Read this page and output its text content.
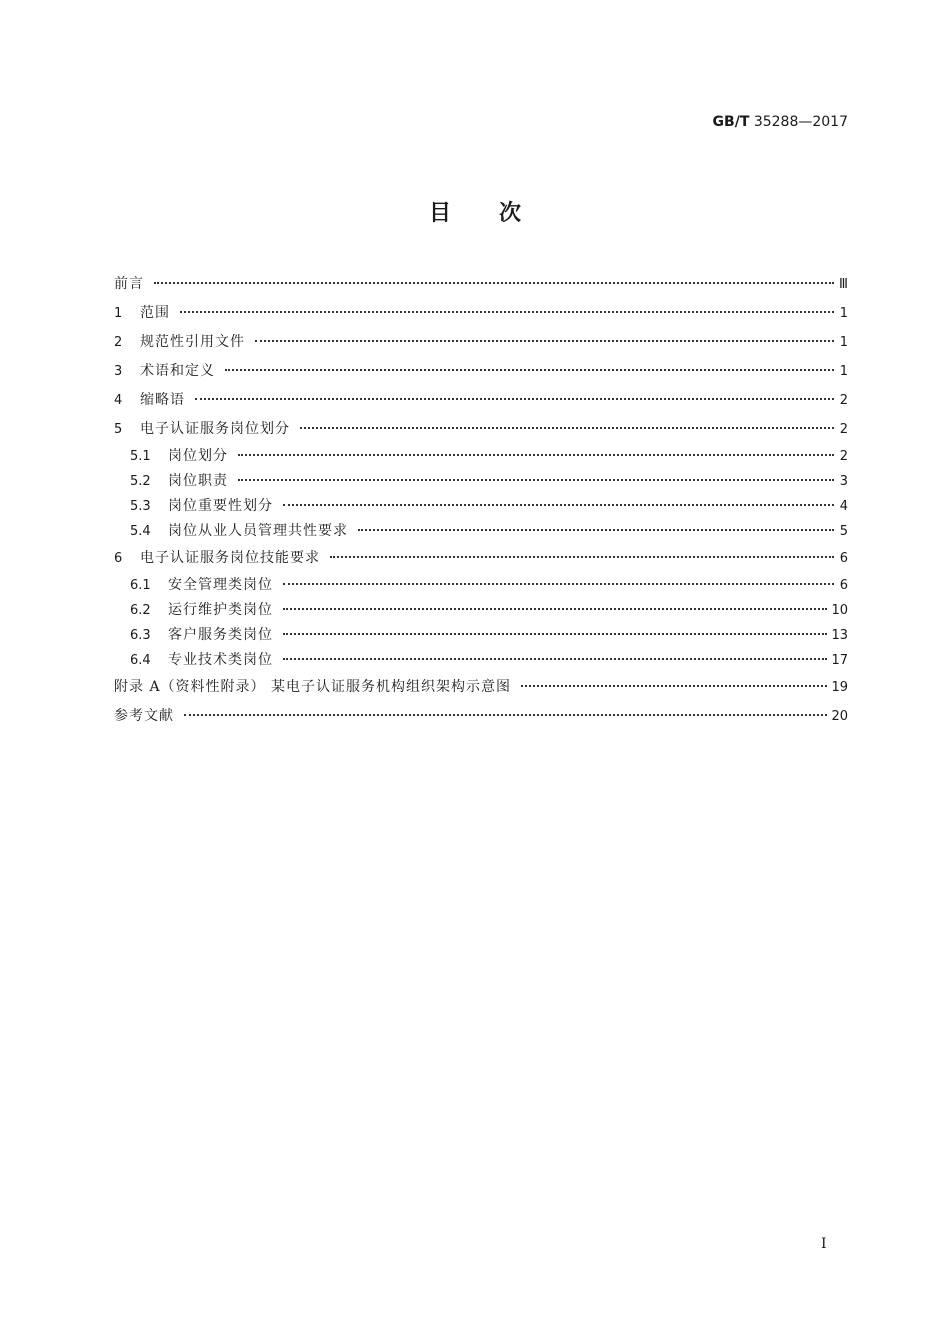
GB/T 35288—2017
目次
前言	Ⅲ
1	范围	1
2	规范性引用文件	1
3	术语和定义	1
4	缩略语	2
5	电子认证服务岗位划分	2
5.1	岗位划分	2
5.2	岗位职责	3
5.3	岗位重要性划分	4
5.4	岗位从业人员管理共性要求	5
6	电子认证服务岗位技能要求	6
6.1	安全管理类岗位	6
6.2	运行维护类岗位	10
6.3	客户服务类岗位	13
6.4	专业技术类岗位	17
附录 A（资料性附录） 某电子认证服务机构组织架构示意图	19
参考文献	20
I
